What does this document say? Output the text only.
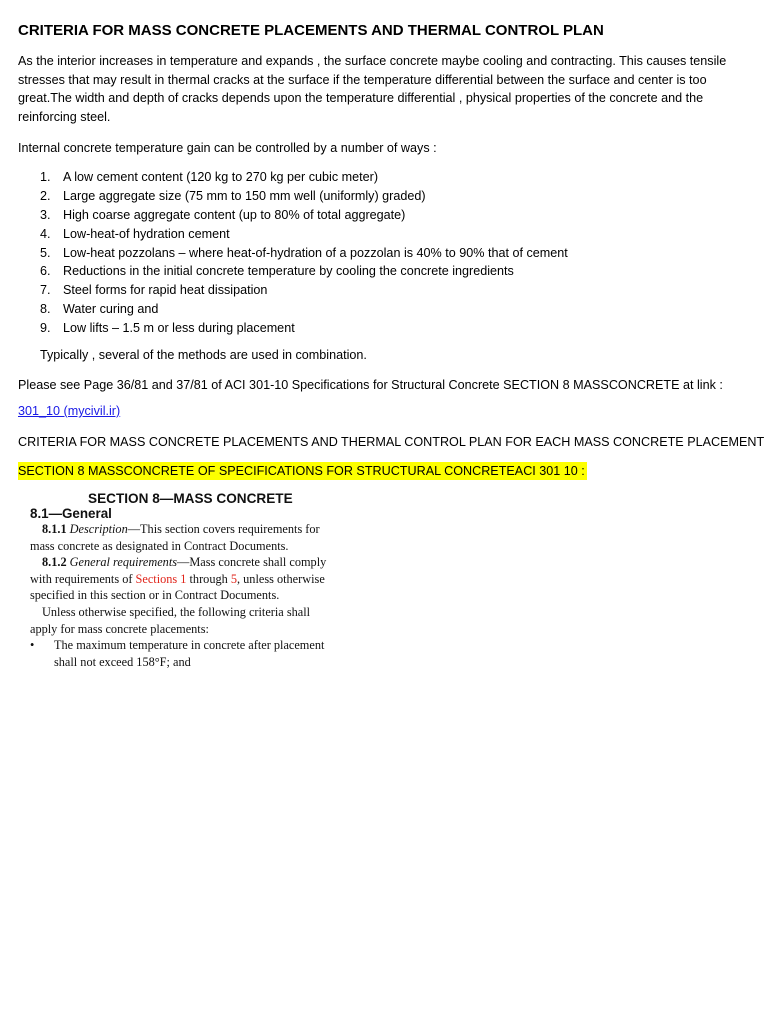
CRITERIA FOR MASS CONCRETE PLACEMENTS AND THERMAL CONTROL PLAN
As the interior increases in temperature and expands , the surface concrete maybe cooling and contracting. This causes tensile
stresses that may result in thermal cracks at the surface if the temperature differential between the surface and center is too
great.The width and depth of cracks depends upon the temperature differential , physical properties of the concrete and the
reinforcing steel.

Internal concrete temperature gain can be controlled by a number of ways :

1. A low cement content (120 kg to 270 kg per cubic meter)
2. Large aggregate size (75 mm to 150 mm well (uniformly) graded)
3. High coarse aggregate content (up to 80% of total aggregate)
4. Low-heat-of hydration cement
5. Low-heat pozzolans – where heat-of-hydration of a pozzolan is 40% to 90% that of cement
6. Reductions in the initial concrete temperature by cooling the concrete ingredients
7. Steel forms for rapid heat dissipation
8. Water curing and
9. Low lifts – 1.5 m or less during placement

Typically , several of the methods are used in combination.

Please see Page 36/81 and 37/81 of ACI 301-10 Specifications for Structural Concrete SECTION 8 MASSCONCRETE at link :

301_10 (mycivil.ir)

CRITERIA FOR MASS CONCRETE PLACEMENTS AND THERMAL CONTROL PLAN FOR EACH MASS CONCRETE PLACEMENT

SECTION 8 MASSCONCRETE OF SPECIFICATIONS FOR STRUCTURAL CONCRETEACI 301 10 :
SECTION 8—MASS CONCRETE
8.1—General
8.1.1 Description—This section covers requirements for
mass concrete as designated in Contract Documents.
8.1.2 General requirements—Mass concrete shall comply
with requirements of Sections 1 through 5, unless otherwise
specified in this section or in Contract Documents.
Unless otherwise specified, the following criteria shall
apply for mass concrete placements:
• The maximum temperature in concrete after placement
shall not exceed 158°F; and
